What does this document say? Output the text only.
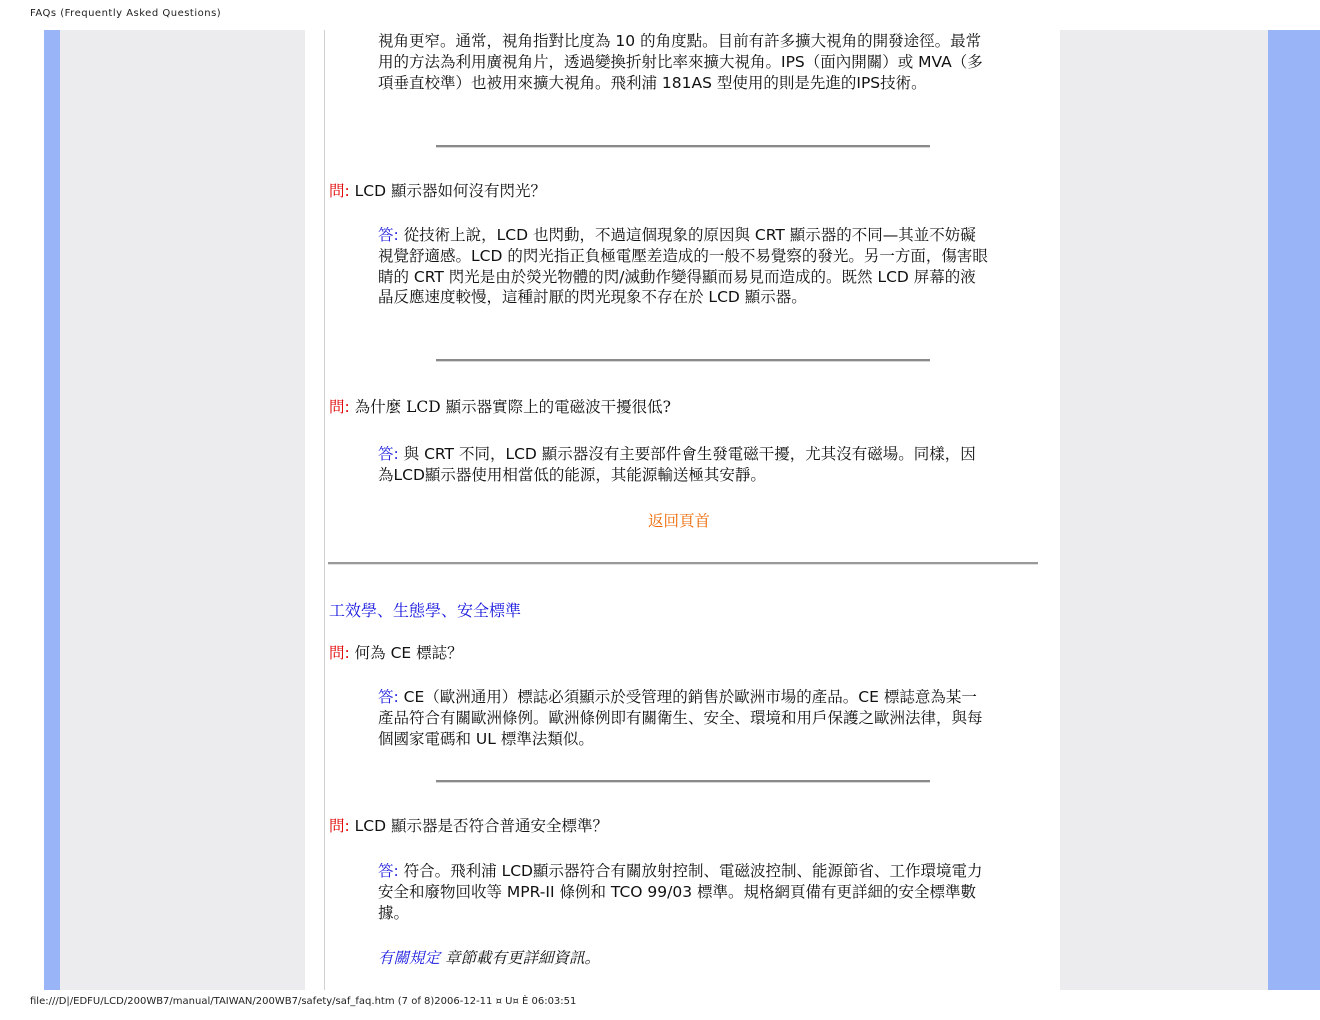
FAQs (Frequently Asked Questions)

視角更窄。通常，視角指對比度為 10 的角度點。目前有許多擴大視角的開發途徑。最常用的方法為利用廣視角片，透過變換折射比率來擴大視角。IPS（面內開關）或 MVA（多項垂直校準）也被用來擴大視角。飛利浦 181AS 型使用的則是先進的IPS技術。

問: LCD 顯示器如何沒有閃光？

答: 從技術上說，LCD 也閃動，不過這個現象的原因與 CRT 顯示器的不同—其並不妨礙視覺舒適感。LCD 的閃光指正負極電壓差造成的一般不易覺察的發光。另一方面，傷害眼睛的 CRT 閃光是由於熒光物體的閃/滅動作變得顯而易見而造成的。既然 LCD 屏幕的液晶反應速度較慢，這種討厭的閃光現象不存在於 LCD 顯示器。

問: 為什麼 LCD 顯示器實際上的電磁波干擾很低?

答: 與 CRT 不同，LCD 顯示器沒有主要部件會生發電磁干擾，尤其沒有磁場。同樣，因為LCD顯示器使用相當低的能源，其能源輸送極其安靜。

返回頁首
工效學、生態學、安全標準

問: 何為 CE 標誌？

答: CE（歐洲通用）標誌必須顯示於受管理的銷售於歐洲市場的產品。CE 標誌意為某一產品符合有關歐洲條例。歐洲條例即有關衛生、安全、環境和用戶保護之歐洲法律，與每個國家電碼和 UL 標準法類似。

問: LCD 顯示器是否符合普通安全標準？

答: 符合。飛利浦 LCD顯示器符合有關放射控制、電磁波控制、能源節省、工作環境電力安全和廢物回收等 MPR-II 條例和 TCO 99/03 標準。規格網頁備有更詳細的安全標準數據。

有關規定 章節載有更詳細資訊。

file:///D|/EDFU/LCD/200WB7/manual/TAIWAN/200WB7/safety/saf_faq.htm (7 of 8)2006-12-11 ¤ U¤ È 06:03:51
